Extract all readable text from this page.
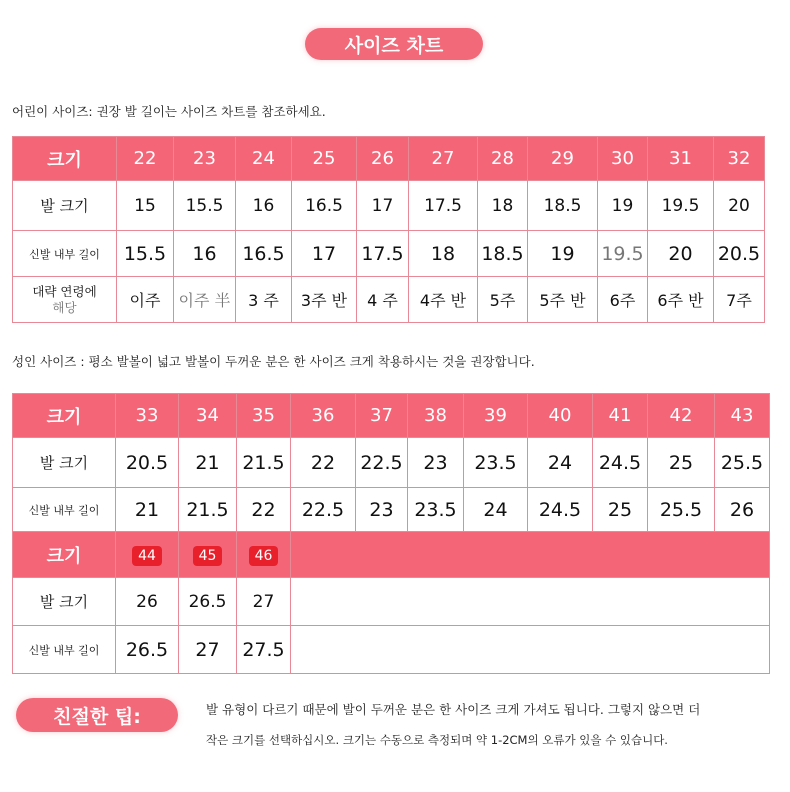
사이즈 차트
어린이 사이즈: 권장 발 길이는 사이즈 차트를 참조하세요.
크기	22	23	24	25	26	27	28	29	30	31	32
발 크기	15	15.5	16	16.5	17	17.5	18	18.5	19	19.5	20
신발 내부 길이	15.5	16	16.5	17	17.5	18	18.5	19	19.5	20	20.5

대략 연령에
해당	이주	이주 半	3 주	3주 반	4 주	4주 반	5주	5주 반	6주	6주 반	7주
성인 사이즈 : 평소 발볼이 넓고 발볼이 두꺼운 분은 한 사이즈 크게 착용하시는 것을 권장합니다.
크기	33	34	35	36	37	38	39	40	41	42	43
발 크기	20.5	21	21.5	22	22.5	23	23.5	24	24.5	25	25.5
신발 내부 길이	21	21.5	22	22.5	23	23.5	24	24.5	25	25.5	26
크기	44	45	46								
발 크기	26	26.5	27								
신발 내부 길이	26.5	27	27.5								
친절한 팁:	발 유형이 다르기 때문에 발이 두꺼운 분은 한 사이즈 크게 가셔도 됩니다. 그렇지 않으면 더
작은 크기를 선택하십시오. 크기는 수동으로 측정되며 약 1-2CM의 오류가 있을 수 있습니다.
